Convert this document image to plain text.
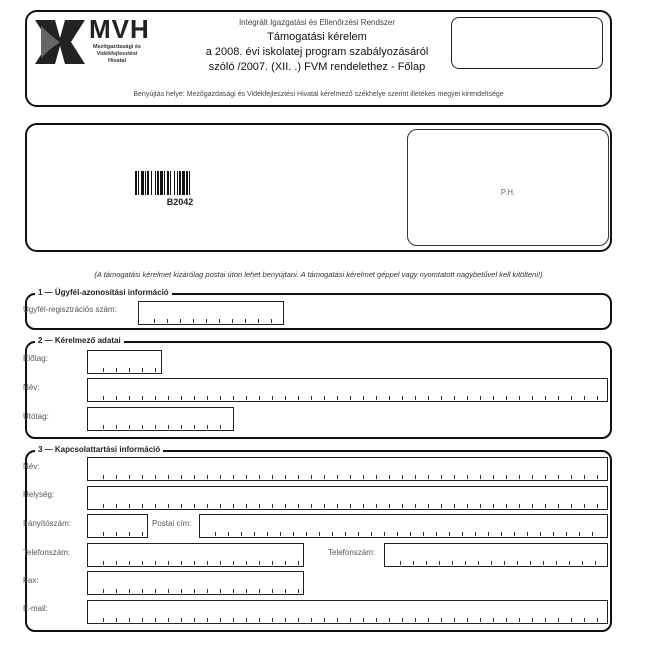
MVH
Mezőgazdasági és Vidékfejlesztési Hivatal
Integrált Igazgatási és Ellenőrzési Rendszer
Támogatási kérelem
a 2008. évi iskolatej program szabályozásáról
szóló /2007. (XII. .) FVM rendelethez - Főlap
Benyújtás helye: Mezőgazdasági és Vidékfejlesztési Hivatal kérelmező székhelye szerint illetékes megyei kirendeltsége
B2042
P.H.
(A támogatási kérelmet kizárólag postai úton lehet benyújtani. A támogatási kérelmet géppel vagy nyomtatott nagybetűvel kell kitölteni!)
1 — Ügyfél-azonosítási információ
Ügyfél-regisztrációs szám:
2 — Kérelmező adatai
Előtag:
Név:
Utótag:
3 — Kapcsolattartási információ
Név:
Helység:
Irányítószám:	Postai cím:
Telefonszám:	Telefonszám:
Fax:
E-mail:
